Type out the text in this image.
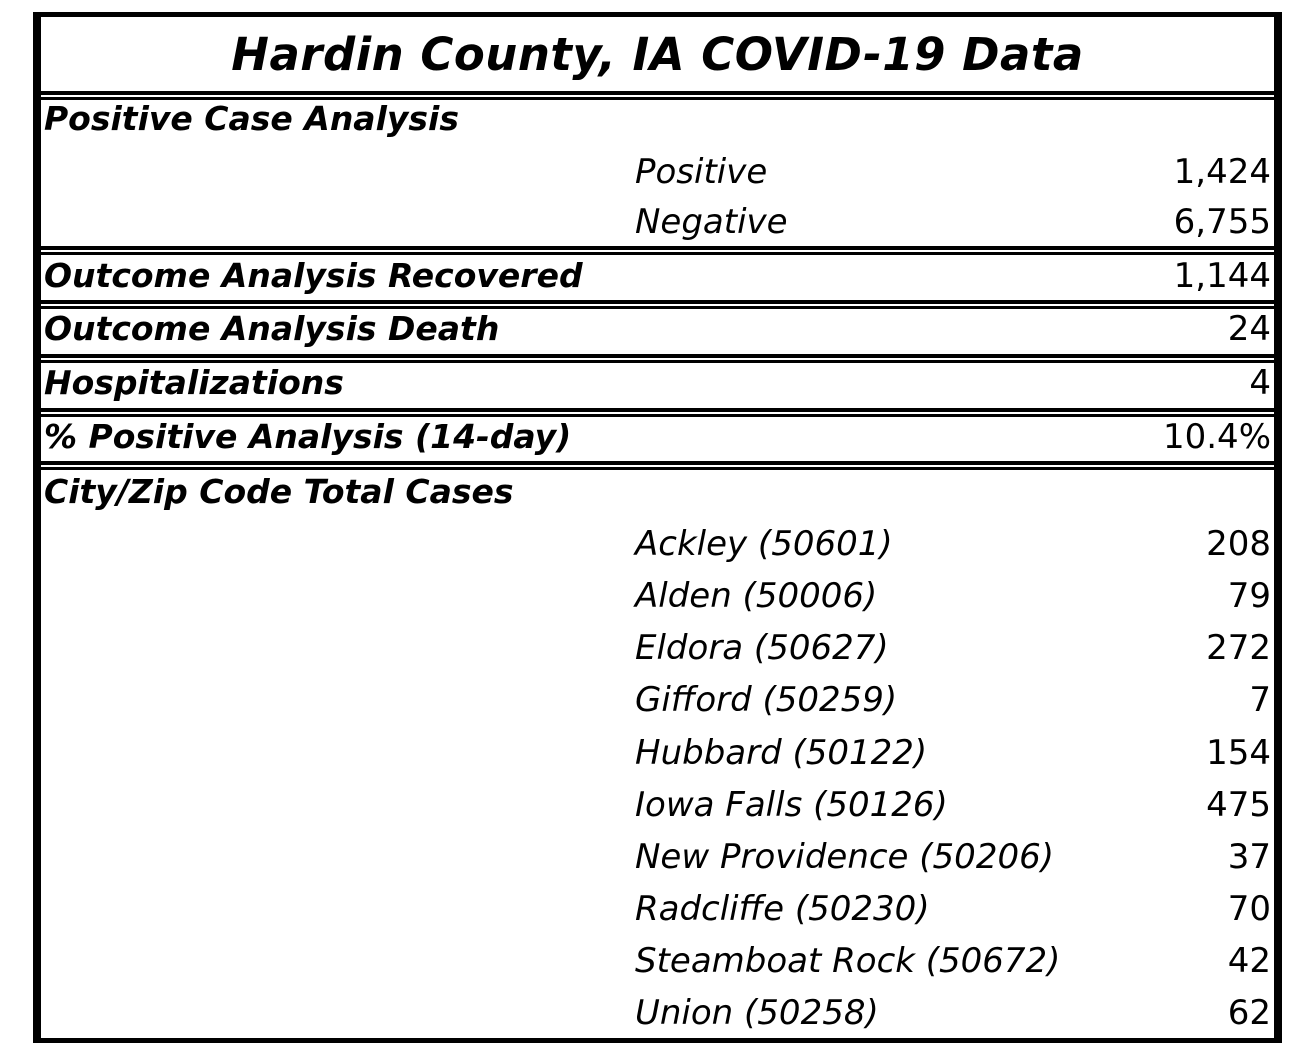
Hardin County, IA COVID-19 Data
Positive Case Analysis
Positive	1,424
Negative	6,755
Outcome Analysis Recovered	1,144
Outcome Analysis Death	24
Hospitalizations	4
% Positive Analysis (14-day)	10.4%
City/Zip Code Total Cases
Ackley (50601)	208
Alden (50006)	79
Eldora (50627)	272
Gifford (50259)	7
Hubbard (50122)	154
Iowa Falls (50126)	475
New Providence (50206)	37
Radcliffe (50230)	70
Steamboat Rock (50672)	42
Union (50258)	62
